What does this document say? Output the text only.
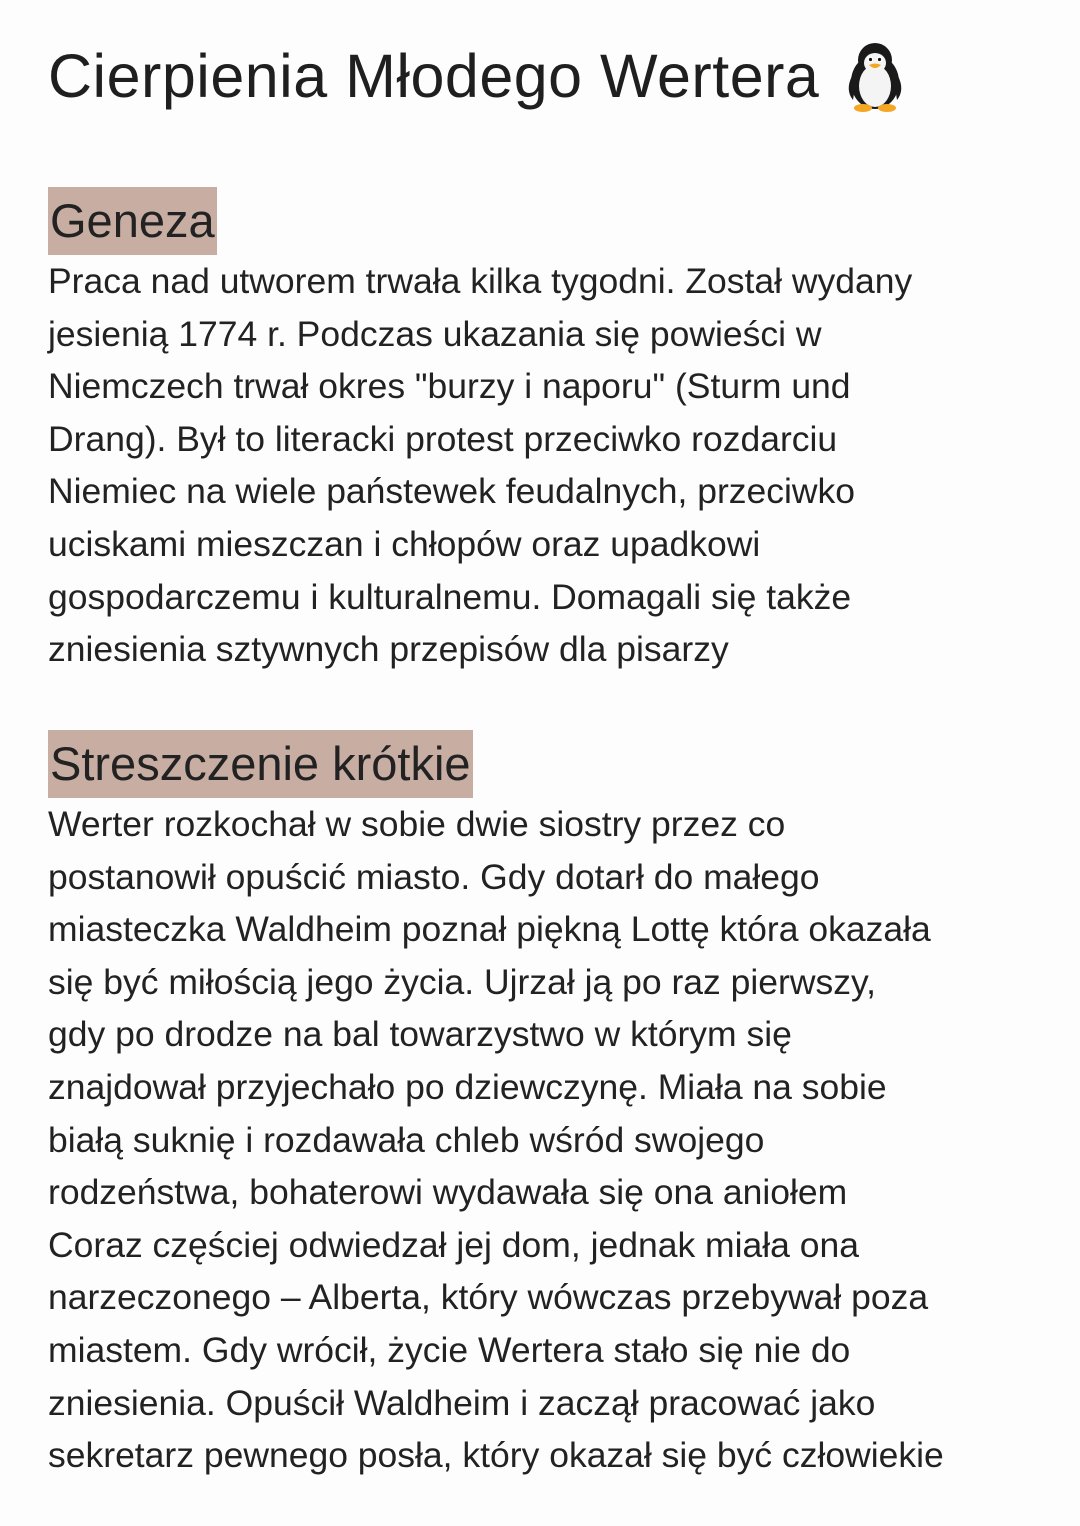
Cierpienia Młodego Wertera
Geneza

Praca nad utworem trwała kilka tygodni. Został wydany
jesienią 1774 r. Podczas ukazania się powieści w
Niemczech trwał okres "burzy i naporu" (Sturm und
Drang). Był to literacki protest przeciwko rozdarciu
Niemiec na wiele państewek feudalnych, przeciwko
uciskami mieszczan i chłopów oraz upadkowi
gospodarczemu i kulturalnemu. Domagali się także
zniesienia sztywnych przepisów dla pisarzy

Streszczenie krótkie

Werter rozkochał w sobie dwie siostry przez co
postanowił opuścić miasto. Gdy dotarł do małego
miasteczka Waldheim poznał piękną Lottę która okazała
się być miłością jego życia. Ujrzał ją po raz pierwszy,
gdy po drodze na bal towarzystwo w którym się
znajdował przyjechało po dziewczynę. Miała na sobie
białą suknię i rozdawała chleb wśród swojego
rodzeństwa, bohaterowi wydawała się ona aniołem
Coraz częściej odwiedzał jej dom, jednak miała ona
narzeczonego – Alberta, który wówczas przebywał poza
miastem. Gdy wrócił, życie Wertera stało się nie do
zniesienia. Opuścił Waldheim i zaczął pracować jako
sekretarz pewnego posła, który okazał się być człowiekie
